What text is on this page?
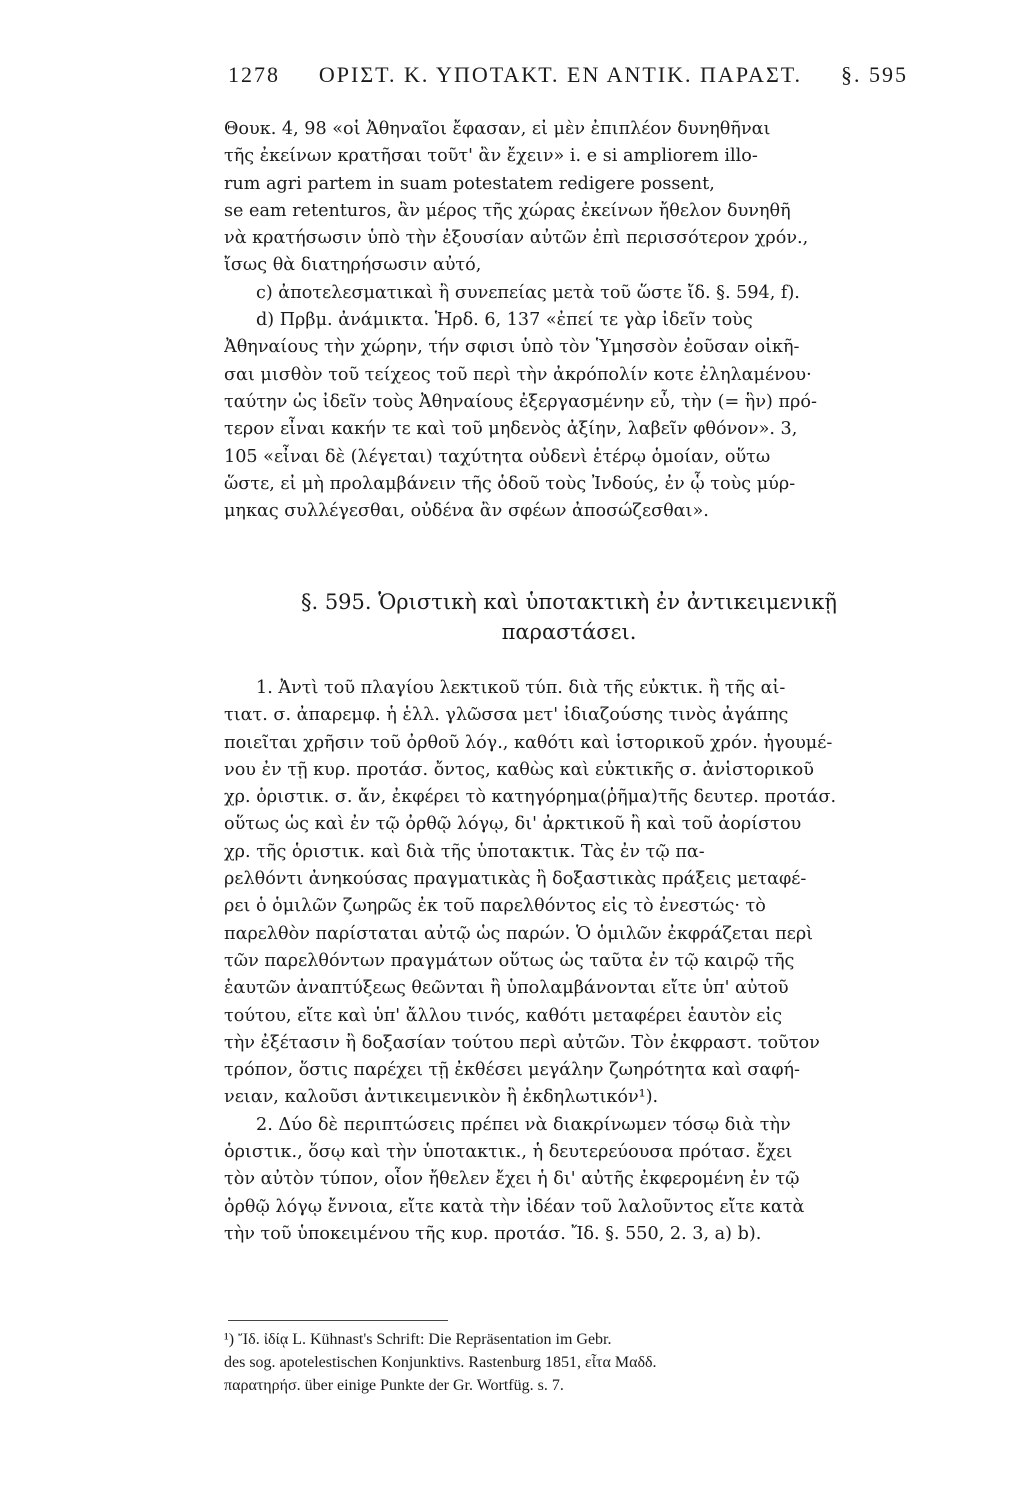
1278 ΟΡΙΣΤ. Κ. ΥΠΟΤΑΚΤ. ΕΝ ΑΝΤΙΚ. ΠΑΡΑΣΤ. §. 595
Θουκ. 4, 98 «οἱ Ἀθηναῖοι ἔφασαν, εἰ μὲν ἐπιπλέον δυνηθῆναι
τῆς ἐκείνων κρατῆσαι τοῦτ' ἂν ἔχειν» i. e si ampliorem illo-
rum agri partem in suam potestatem redigere possent,
se eam retenturos, ἂν μέρος τῆς χώρας ἐκείνων ἤθελον δυνηθῆ
νὰ κρατήσωσιν ὑπὸ τὴν ἐξουσίαν αὐτῶν ἐπὶ περισσότερον χρόν.,
ἴσως θὰ διατηρήσωσιν αὐτό,
c) ἀποτελεσματικαὶ ἢ συνεπείας μετὰ τοῦ ὥστε ἴδ. §. 594, f).
d) Πρβμ. ἀνάμικτα. Ἡρδ. 6, 137 «ἐπεί τε γὰρ ἰδεῖν τοὺς
Ἀθηναίους τὴν χώρην, τήν σφισι ὑπὸ τὸν Ὑμησσὸν ἐοῦσαν οἰκῆ-
σαι μισθὸν τοῦ τείχεος τοῦ περὶ τὴν ἀκρόπολίν κοτε ἐληλαμένου·
ταύτην ὡς ἰδεῖν τοὺς Ἀθηναίους ἐξεργασμένην εὖ, τὴν (= ἣν) πρό-
τερον εἶναι κακήν τε καὶ τοῦ μηδενὸς ἀξίην, λαβεῖν φθόνον». 3,
105 «εἶναι δὲ (λέγεται) ταχύτητα οὐδενὶ ἑτέρῳ ὁμοίαν, οὕτω
ὥστε, εἰ μὴ προλαμβάνειν τῆς ὁδοῦ τοὺς Ἰνδούς, ἐν ᾧ τοὺς μύρ-
μηκας συλλέγεσθαι, οὐδένα ἂν σφέων ἀποσώζεσθαι».
§. 595. Ὁριστικὴ καὶ ὑποτακτικὴ ἐν ἀντικειμενικῇ
παραστάσει.
1. Ἀντὶ τοῦ πλαγίου λεκτικοῦ τύπ. διὰ τῆς εὐκτικ. ἢ τῆς αἰ-
τιατ. σ. ἀπαρεμφ. ἡ ἑλλ. γλῶσσα μετ' ἰδιαζούσης τινὸς ἀγάπης
ποιεῖται χρῆσιν τοῦ ὀρθοῦ λόγ., καθότι καὶ ἱστορικοῦ χρόν. ἡγουμέ-
νου ἐν τῇ κυρ. προτάσ. ὄντος, καθὼς καὶ εὐκτικῆς σ. ἀνἱστορικοῦ
χρ. ὁριστικ. σ. ἄν, ἐκφέρει τὸ κατηγόρημα(ῥῆμα)τῆς δευτερ. προτάσ.
οὕτως ὡς καὶ ἐν τῷ ὀρθῷ λόγῳ, δι' ἀρκτικοῦ ἢ καὶ τοῦ ἀορίστου
χρ. τῆς ὁριστικ. καὶ διὰ τῆς ὑποτακτικ. Τὰς ἐν τῷ πα-
ρελθόντι ἀνηκούσας πραγματικὰς ἢ δοξαστικὰς πράξεις μεταφέ-
ρει ὁ ὁμιλῶν ζωηρῶς ἐκ τοῦ παρελθόντος εἰς τὸ ἐνεστώς· τὸ
παρελθὸν παρίσταται αὐτῷ ὡς παρών. Ὁ ὁμιλῶν ἐκφράζεται περὶ
τῶν παρελθόντων πραγμάτων οὕτως ὡς ταῦτα ἐν τῷ καιρῷ τῆς
ἑαυτῶν ἀναπτύξεως θεῶνται ἢ ὑπολαμβάνονται εἴτε ὑπ' αὐτοῦ
τούτου, εἴτε καὶ ὑπ' ἄλλου τινός, καθότι μεταφέρει ἑαυτὸν εἰς
τὴν ἐξέτασιν ἢ δοξασίαν τούτου περὶ αὐτῶν. Τὸν ἐκφραστ. τοῦτον
τρόπον, ὅστις παρέχει τῇ ἐκθέσει μεγάλην ζωηρότητα καὶ σαφή-
νειαν, καλοῦσι ἀντικειμενικὸν ἢ ἐκδηλωτικόν¹).
2. Δύο δὲ περιπτώσεις πρέπει νὰ διακρίνωμεν τόσῳ διὰ τὴν
ὁριστικ., ὅσῳ καὶ τὴν ὑποτακτικ., ἡ δευτερεύουσα πρότασ. ἔχει
τὸν αὐτὸν τύπον, οἷον ἤθελεν ἔχει ἡ δι' αὐτῆς ἐκφερομένη ἐν τῷ
ὀρθῷ λόγῳ ἔννοια, εἴτε κατὰ τὴν ἰδέαν τοῦ λαλοῦντος εἴτε κατὰ
τὴν τοῦ ὑποκειμένου τῆς κυρ. προτάσ. Ἴδ. §. 550, 2. 3, a) b).
¹) Ἴδ. ἰδίᾳ L. Kühnast's Schrift: Die Repräsentation im Gebr.
des sog. apotelestischen Konjunktivs. Rastenburg 1851, εἶτα Μαδδ.
παρατηρήσ. über einige Punkte der Gr. Wortfüg. s. 7.
